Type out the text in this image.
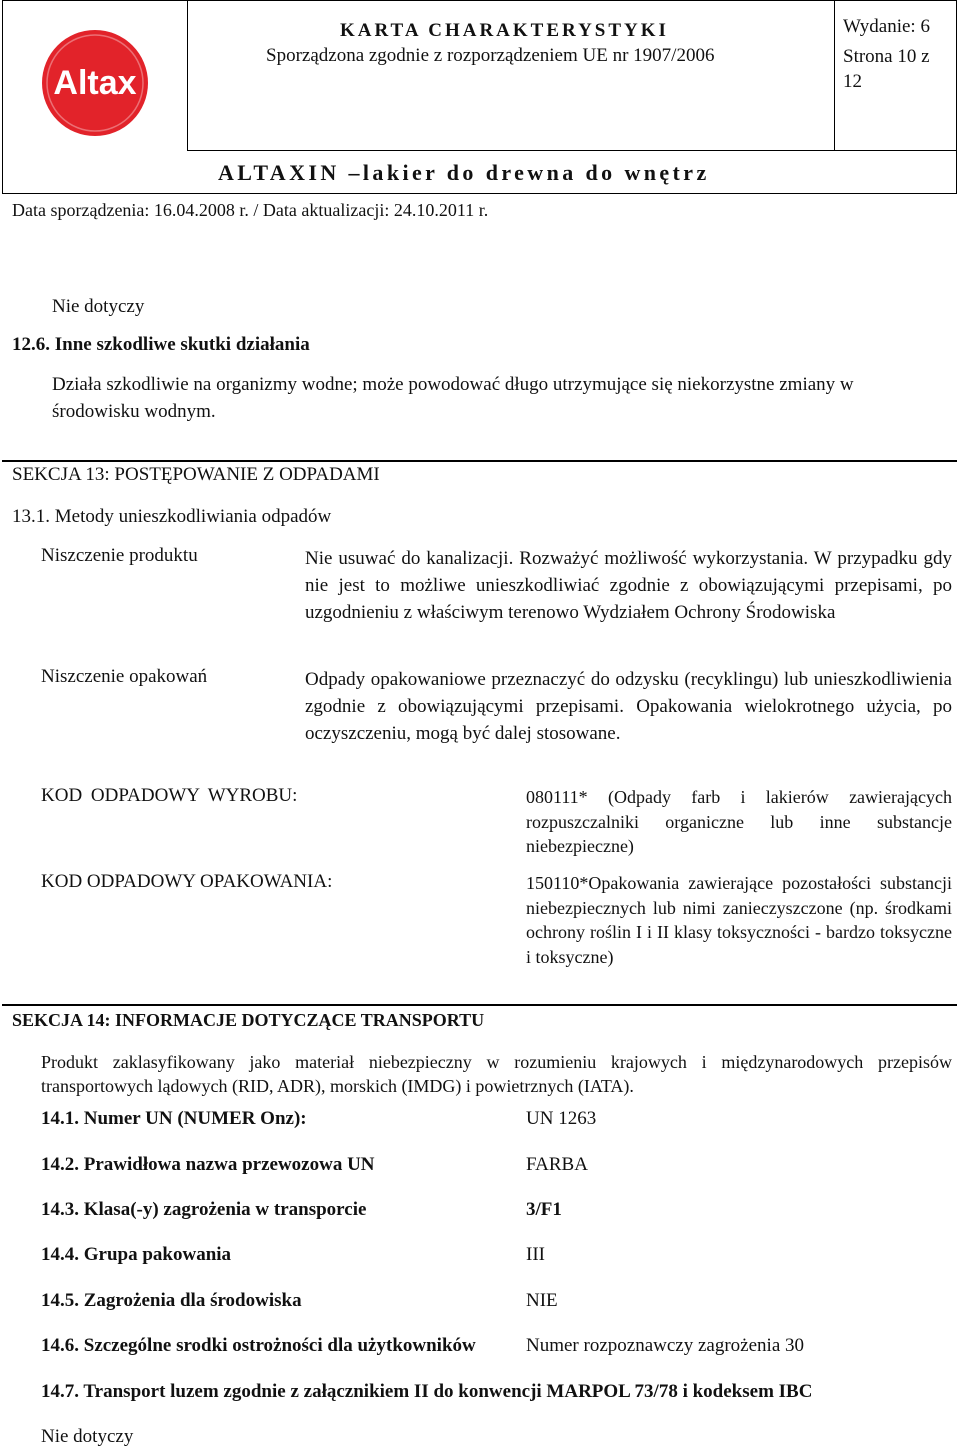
Altax
KARTA CHARAKTERYSTYKI
Sporządzona zgodnie z rozporządzeniem UE nr 1907/2006
Wydanie: 6
Strona 10 z
12
ALTAXIN –lakier do drewna do wnętrz
Data sporządzenia: 16.04.2008 r. / Data aktualizacji: 24.10.2011 r.
Nie dotyczy
12.6. Inne szkodliwe skutki działania
Działa szkodliwie na organizmy wodne; może powodować długo utrzymujące się niekorzystne zmiany w środowisku wodnym.
SEKCJA 13: POSTĘPOWANIE Z ODPADAMI
13.1. Metody unieszkodliwiania odpadów
Niszczenie produktu	Nie usuwać do kanalizacji. Rozważyć możliwość wykorzystania. W przypadku gdy nie jest to możliwe unieszkodliwiać zgodnie z obowiązującymi przepisami, po uzgodnieniu z właściwym terenowo Wydziałem Ochrony Środowiska
Niszczenie opakowań	Odpady opakowaniowe przeznaczyć do odzysku (recyklingu) lub unieszkodliwienia zgodnie z obowiązującymi przepisami. Opakowania wielokrotnego użycia, po oczyszczeniu, mogą być dalej stosowane.
KOD ODPADOWY WYROBU:	080111* (Odpady farb i lakierów zawierających rozpuszczalniki organiczne lub inne substancje niebezpieczne)
KOD ODPADOWY OPAKOWANIA:	150110*Opakowania zawierające pozostałości substancji niebezpiecznych lub nimi zanieczyszczone (np. środkami ochrony roślin I i II klasy toksyczności - bardzo toksyczne i toksyczne)
SEKCJA 14: INFORMACJE DOTYCZĄCE TRANSPORTU
Produkt zaklasyfikowany jako materiał niebezpieczny w rozumieniu krajowych i międzynarodowych przepisów transportowych lądowych (RID, ADR), morskich (IMDG) i powietrznych (IATA).
14.1. Numer UN (NUMER Onz):	UN 1263
14.2. Prawidłowa nazwa przewozowa UN	FARBA
14.3. Klasa(-y) zagrożenia w transporcie	3/F1
14.4. Grupa pakowania	III
14.5. Zagrożenia dla środowiska	NIE
14.6. Szczególne srodki ostrożności dla użytkowników	Numer rozpoznawczy zagrożenia 30
14.7. Transport luzem zgodnie z załącznikiem II do konwencji MARPOL 73/78 i kodeksem IBC
Nie dotyczy
